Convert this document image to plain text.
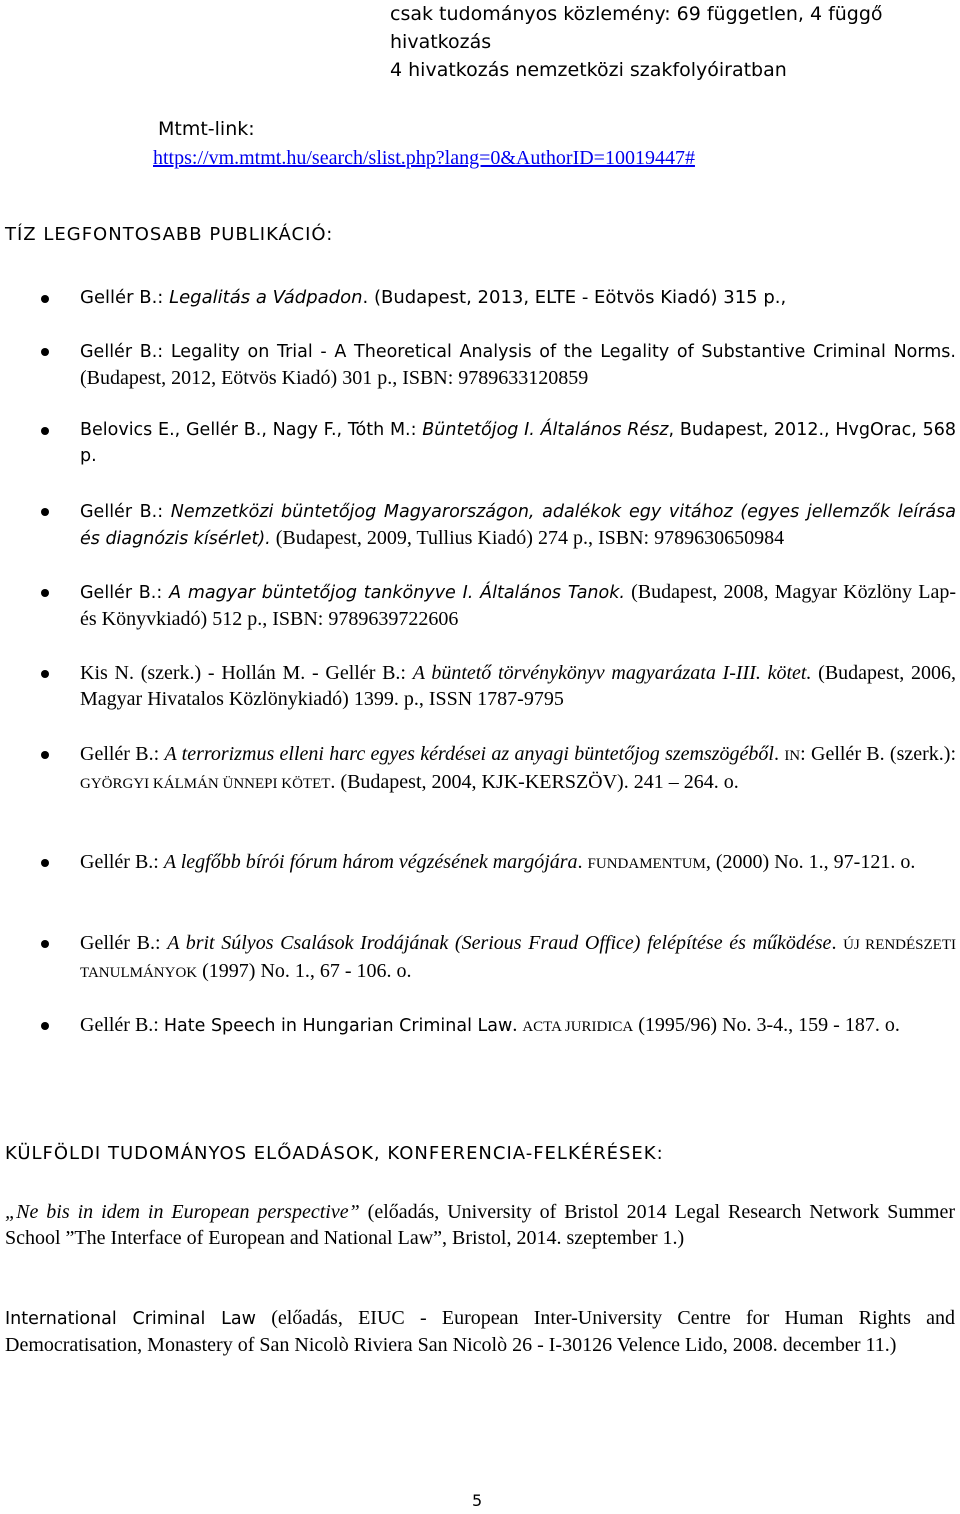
csak tudományos közlemény: 69 független, 4 függő
hivatkozás
4 hivatkozás nemzetközi szakfolyóiratban
Mtmt-link:
https://vm.mtmt.hu/search/slist.php?lang=0&AuthorID=10019447#
TÍZ LEGFONTOSABB PUBLIKÁCIÓ:
Gellér B.: Legalitás a Vádpadon. (Budapest, 2013, ELTE - Eötvös Kiadó) 315 p.,
Gellér B.: Legality on Trial - A Theoretical Analysis of the Legality of Substantive Criminal Norms. (Budapest, 2012, Eötvös Kiadó) 301 p., ISBN: 9789633120859
Belovics E., Gellér B., Nagy F., Tóth M.: Büntetőjog I. Általános Rész, Budapest, 2012., HvgOrac, 568 p.
Gellér B.: Nemzetközi büntetőjog Magyarországon, adalékok egy vitához (egyes jellemzők leírása és diagnózis kísérlet). (Budapest, 2009, Tullius Kiadó) 274 p., ISBN: 9789630650984
Gellér B.: A magyar büntetőjog tankönyve I. Általános Tanok. (Budapest, 2008, Magyar Közlöny Lap- és Könyvkiadó) 512 p., ISBN: 9789639722606
Kis N. (szerk.) - Hollán M. - Gellér B.: A büntető törvénykönyv magyarázata I-III. kötet. (Budapest, 2006, Magyar Hivatalos Közlönykiadó) 1399. p., ISSN 1787-9795
Gellér B.: A terrorizmus elleni harc egyes kérdései az anyagi büntetőjog szemszögéből. IN: Gellér B. (szerk.): GYÖRGYI KÁLMÁN ÜNNEPI KÖTET. (Budapest, 2004, KJK-KERSZÖV). 241 – 264. o.
Gellér B.: A legfőbb bírói fórum három végzésének margójára. FUNDAMENTUM, (2000) No. 1., 97-121. o.
Gellér B.: A brit Súlyos Csalások Irodájának (Serious Fraud Office) felépítése és működése. ÚJ RENDÉSZETI TANULMÁNYOK (1997) No. 1., 67 - 106. o.
Gellér B.: Hate Speech in Hungarian Criminal Law. ACTA JURIDICA (1995/96) No. 3-4., 159 - 187. o.
KÜLFÖLDI TUDOMÁNYOS ELŐADÁSOK, KONFERENCIA-FELKÉRÉSEK:
„Ne bis in idem in European perspective” (előadás, University of Bristol 2014 Legal Research Network Summer School ”The Interface of European and National Law”, Bristol, 2014. szeptember 1.)
International Criminal Law (előadás, EIUC - European Inter-University Centre for Human Rights and Democratisation, Monastery of San Nicolò Riviera San Nicolò 26 - I-30126 Velence Lido, 2008. december 11.)
5
